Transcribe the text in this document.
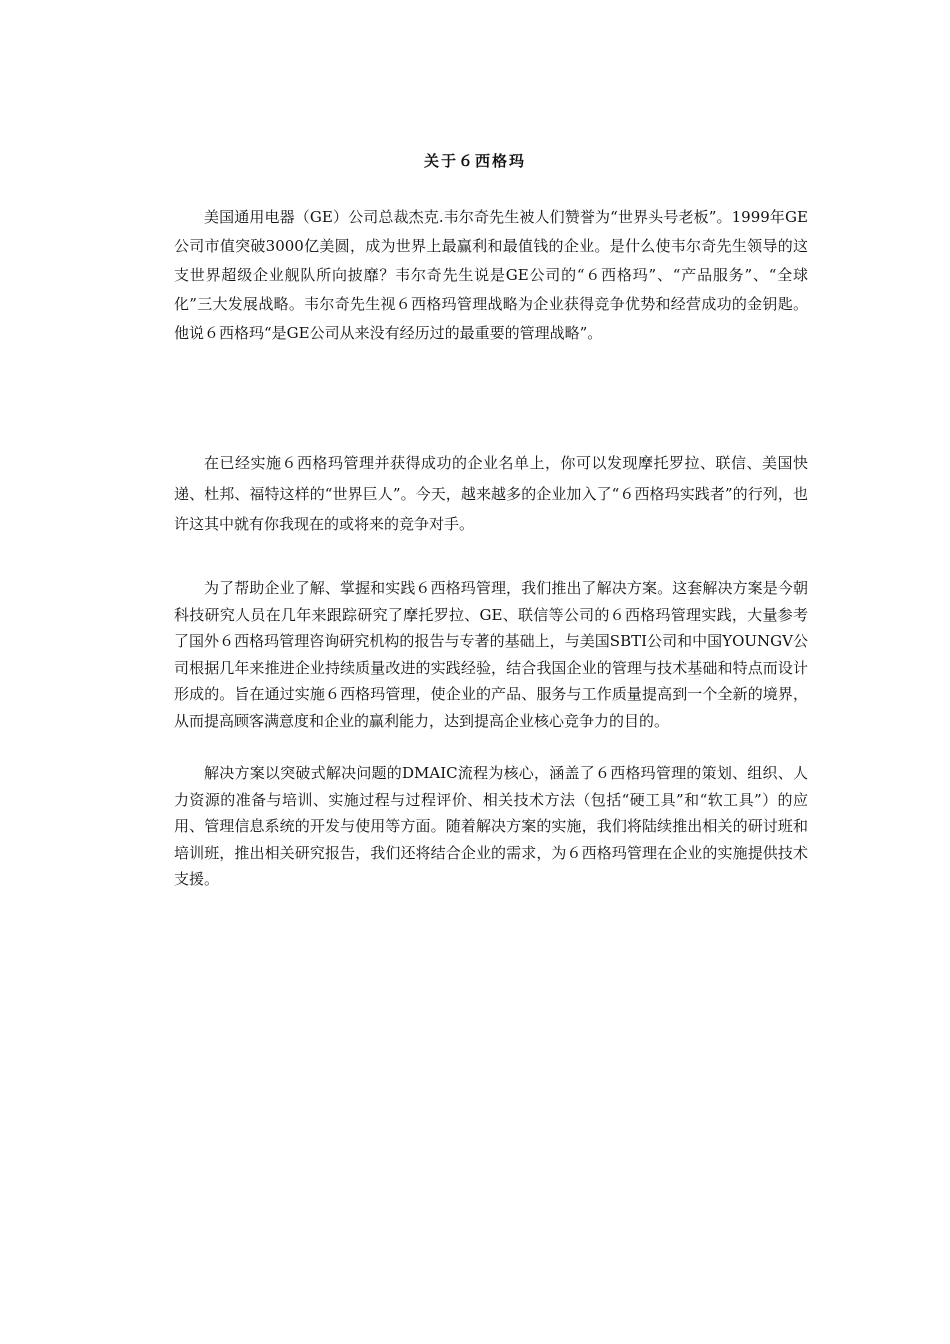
关于６西格玛

美国通用电器（GE）公司总裁杰克.韦尔奇先生被人们赞誉为“世界头号老板”。1999年GE公司市值突破3000亿美圆，成为世界上最赢利和最值钱的企业。是什么使韦尔奇先生领导的这支世界超级企业舰队所向披靡？韦尔奇先生说是GE公司的“６西格玛”、“产品服务”、“全球化”三大发展战略。韦尔奇先生视６西格玛管理战略为企业获得竞争优势和经营成功的金钥匙。他说６西格玛“是GE公司从来没有经历过的最重要的管理战略”。

在已经实施６西格玛管理并获得成功的企业名单上，你可以发现摩托罗拉、联信、美国快递、杜邦、福特这样的“世界巨人”。今天，越来越多的企业加入了“６西格玛实践者”的行列，也许这其中就有你我现在的或将来的竞争对手。

为了帮助企业了解、掌握和实践６西格玛管理，我们推出了解决方案。这套解决方案是今朝科技研究人员在几年来跟踪研究了摩托罗拉、GE、联信等公司的６西格玛管理实践，大量参考了国外６西格玛管理咨询研究机构的报告与专著的基础上，与美国SBTI公司和中国YOUNGV公司根据几年来推进企业持续质量改进的实践经验，结合我国企业的管理与技术基础和特点而设计形成的。旨在通过实施６西格玛管理，使企业的产品、服务与工作质量提高到一个全新的境界，从而提高顾客满意度和企业的赢利能力，达到提高企业核心竞争力的目的。

解决方案以突破式解决问题的DMAIC流程为核心，涵盖了６西格玛管理的策划、组织、人力资源的准备与培训、实施过程与过程评价、相关技术方法（包括“硬工具”和“软工具”）的应用、管理信息系统的开发与使用等方面。随着解决方案的实施，我们将陆续推出相关的研讨班和培训班，推出相关研究报告，我们还将结合企业的需求，为６西格玛管理在企业的实施提供技术支援。
